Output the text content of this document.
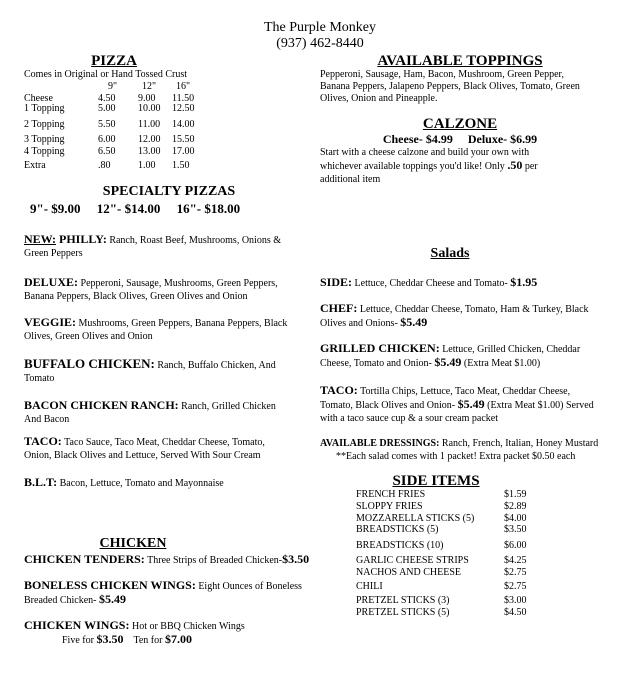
The Purple Monkey
(937) 462-8440
PIZZA
Comes in Original or Hand Tossed Crust
9" 12" 16"
Cheese	4.50 9.00 11.50
1 Topping	5.00 10.00 12.50
2 Topping	5.50 11.00 14.00
3 Topping	6.00 12.00 15.50
4 Topping	6.50 13.00 17.00
Extra	.80	1.00 1.50
SPECIALTY PIZZAS
9"- $9.00     12"- $14.00     16"- $18.00
NEW: PHILLY: Ranch, Roast Beef, Mushrooms, Onions & Green Peppers
DELUXE: Pepperoni, Sausage, Mushrooms, Green Peppers, Banana Peppers, Black Olives, Green Olives and Onion
VEGGIE: Mushrooms, Green Peppers, Banana Peppers, Black Olives, Green Olives and Onion
BUFFALO CHICKEN: Ranch, Buffalo Chicken, And Tomato
BACON CHICKEN RANCH: Ranch, Grilled Chicken And Bacon
TACO: Taco Sauce, Taco Meat, Cheddar Cheese, Tomato, Onion, Black Olives and Lettuce, Served With Sour Cream
B.L.T: Bacon, Lettuce, Tomato and Mayonnaise
CHICKEN
CHICKEN TENDERS: Three Strips of Breaded Chicken-$3.50
BONELESS CHICKEN WINGS: Eight Ounces of Boneless Breaded Chicken- $5.49
CHICKEN WINGS: Hot or BBQ Chicken Wings
Five for $3.50 Ten for $7.00
AVAILABLE TOPPINGS
Pepperoni, Sausage, Ham, Bacon, Mushroom, Green Pepper, Banana Peppers, Jalapeno Peppers, Black Olives, Tomato, Green Olives, Onion and Pineapple.
CALZONE
Cheese- $4.99     Deluxe- $6.99
Start with a cheese calzone and build your own with whichever available toppings you'd like! Only .50 per additional item
Salads
SIDE: Lettuce, Cheddar Cheese and Tomato- $1.95
CHEF: Lettuce, Cheddar Cheese, Tomato, Ham & Turkey, Black Olives and Onions- $5.49
GRILLED CHICKEN: Lettuce, Grilled Chicken, Cheddar Cheese, Tomato and Onion- $5.49 (Extra Meat $1.00)
TACO: Tortilla Chips, Lettuce, Taco Meat, Cheddar Cheese, Tomato, Black Olives and Onion- $5.49 (Extra Meat $1.00) Served with a taco sauce cup & a sour cream packet
AVAILABLE DRESSINGS: Ranch, French, Italian, Honey Mustard
**Each salad comes with 1 packet! Extra packet $0.50 each
SIDE ITEMS
FRENCH FRIES	$1.59
SLOPPY FRIES	$2.89
MOZZARELLA STICKS (5)	$4.00
BREADSTICKS (5)	$3.50
BREADSTICKS (10)	$6.00
GARLIC CHEESE STRIPS	$4.25
NACHOS AND CHEESE	$2.75
CHILI	$2.75
PRETZEL STICKS (3)	$3.00
PRETZEL STICKS (5)	$4.50
